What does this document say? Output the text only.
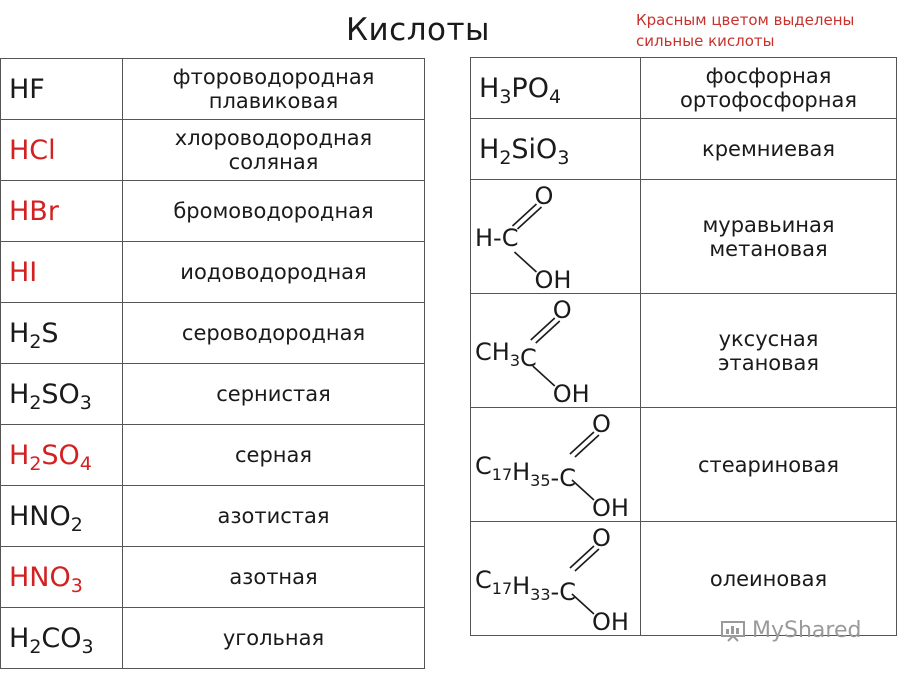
Кислоты	Красным цветом выделены
сильные кислоты
HF	фтороводородная
плавиковая

HCl	хлороводородная
соляная

HBr	бромоводородная

HI	иодоводородная

$H_2S$	сероводородная

$H_2SO_3$	сернистая

$H_2SO_4$	серная

$HNO_2$	азотистая

$HNO_3$	азотная

$H_2CO_3$	угольная
$H_3PO_4$	фосфорная
ортофосфорная

$H_2SiO_3$	кремниевая

H-C
O
OH	муравьиная
метановая

$CH_3C$
O
OH	уксусная
этановая

$C_{17}H_{35}-C$
O
OH	стеариновая

$C_{17}H_{33}-C$
O
OH	олеиновая
MyShared
